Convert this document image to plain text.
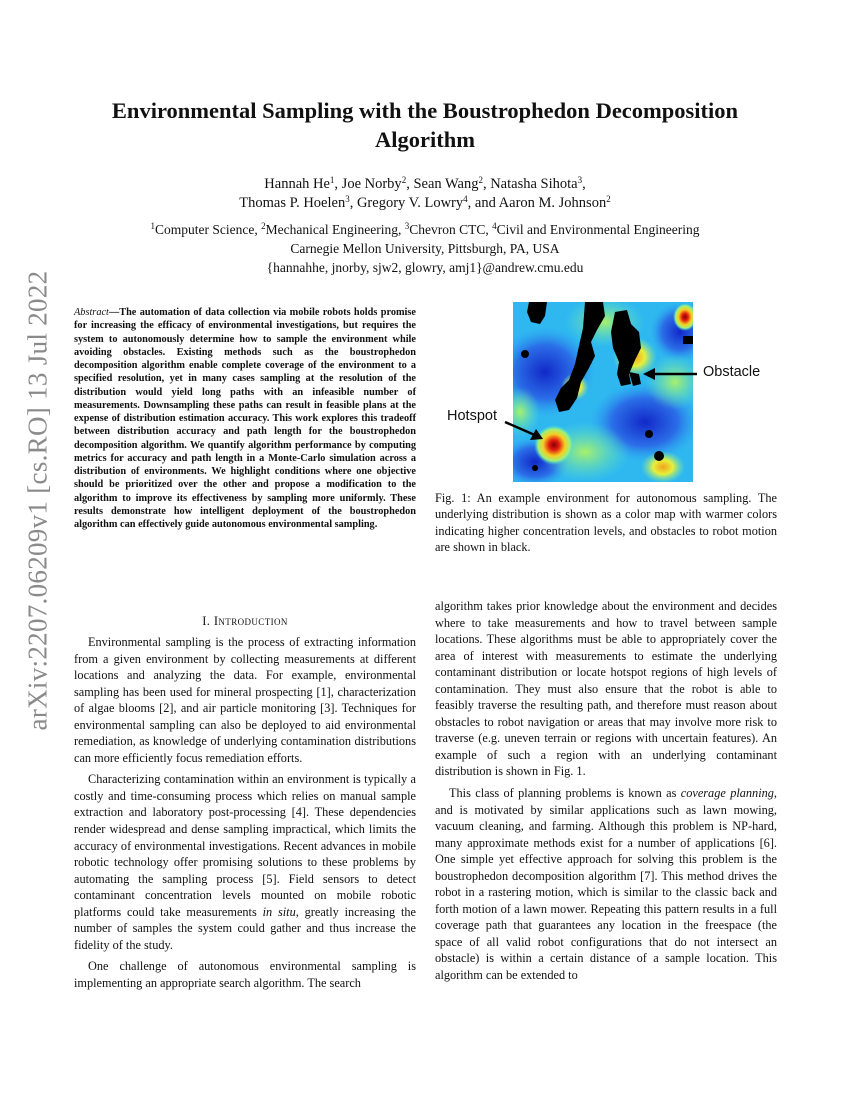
arXiv:2207.06209v1 [cs.RO] 13 Jul 2022
Environmental Sampling with the Boustrophedon Decomposition Algorithm
Hannah He$^1$, Joe Norby$^2$, Sean Wang$^2$, Natasha Sihota$^3$,
Thomas P. Hoelen$^3$, Gregory V. Lowry$^4$, and Aaron M. Johnson$^2$
$^1$Computer Science, $^2$Mechanical Engineering, $^3$Chevron CTC, $^4$Civil and Environmental Engineering
Carnegie Mellon University, Pittsburgh, PA, USA
{hannahhe, jnorby, sjw2, glowry, amj1}@andrew.cmu.edu

Abstract—The automation of data collection via mobile robots holds promise for increasing the efficacy of environmental investigations, but requires the system to autonomously determine how to sample the environment while avoiding obstacles. Existing methods such as the boustrophedon decomposition algorithm enable complete coverage of the environment to a specified resolution, yet in many cases sampling at the resolution of the distribution would yield long paths with an infeasible number of measurements. Downsampling these paths can result in feasible plans at the expense of distribution estimation accuracy. This work explores this tradeoff between distribution accuracy and path length for the boustrophedon decomposition algorithm. We quantify algorithm performance by computing metrics for accuracy and path length in a Monte-Carlo simulation across a distribution of environments. We highlight conditions where one objective should be prioritized over the other and propose a modification to the algorithm to improve its effectiveness by sampling more uniformly. These results demonstrate how intelligent deployment of the boustrophedon algorithm can effectively guide autonomous environmental sampling.

I. Introduction

Environmental sampling is the process of extracting information from a given environment by collecting measurements at different locations and analyzing the data. For example, environmental sampling has been used for mineral prospecting [1], characterization of algae blooms [2], and air particle monitoring [3]. Techniques for environmental sampling can also be deployed to aid environmental remediation, as knowledge of underlying contamination distributions can more efficiently focus remediation efforts.

Characterizing contamination within an environment is typically a costly and time-consuming process which relies on manual sample extraction and laboratory post-processing [4]. These dependencies render widespread and dense sampling impractical, which limits the accuracy of environmental investigations. Recent advances in mobile robotic technology offer promising solutions to these problems by automating the sampling process [5]. Field sensors to detect contaminant concentration levels mounted on mobile robotic platforms could take measurements in situ, greatly increasing the number of samples the system could gather and thus increase the fidelity of the study.

One challenge of autonomous environmental sampling is implementing an appropriate search algorithm. The search

Obstacle
Hotspot

Fig. 1: An example environment for autonomous sampling. The underlying distribution is shown as a color map with warmer colors indicating higher concentration levels, and obstacles to robot motion are shown in black.

algorithm takes prior knowledge about the environment and decides where to take measurements and how to travel between sample locations. These algorithms must be able to appropriately cover the area of interest with measurements to estimate the underlying contaminant distribution or locate hotspot regions of high levels of contamination. They must also ensure that the robot is able to feasibly traverse the resulting path, and therefore must reason about obstacles to robot navigation or areas that may involve more risk to traverse (e.g. uneven terrain or regions with uncertain features). An example of such a region with an underlying contaminant distribution is shown in Fig. 1.

This class of planning problems is known as coverage planning, and is motivated by similar applications such as lawn mowing, vacuum cleaning, and farming. Although this problem is NP-hard, many approximate methods exist for a number of applications [6]. One simple yet effective approach for solving this problem is the boustrophedon decomposition algorithm [7]. This method drives the robot in a rastering motion, which is similar to the classic back and forth motion of a lawn mower. Repeating this pattern results in a full coverage path that guarantees any location in the freespace (the space of all valid robot configurations that do not intersect an obstacle) is within a certain distance of a sample location. This algorithm can be extended to
